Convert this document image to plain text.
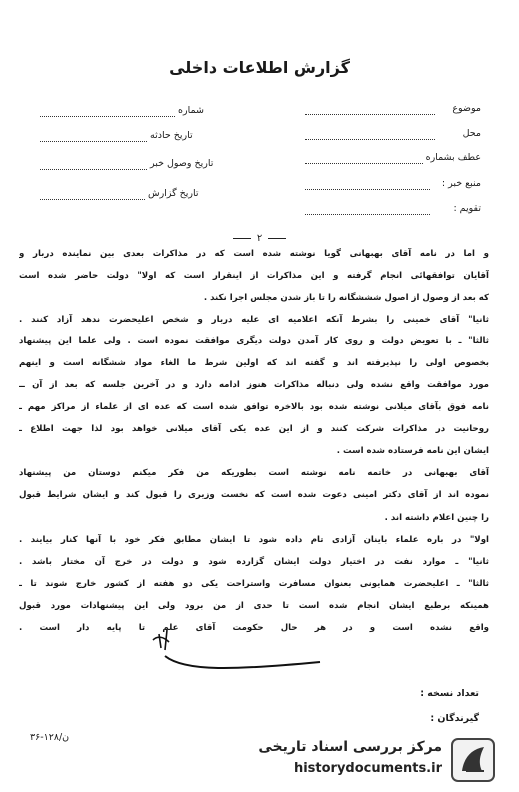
گزارش اطلاعات داخلی
شماره
تاریخ حادثه
تاریخ وصول خبر
تاریخ گزارش
موضوع
محل
عطف بشماره
منبع خبر :
تقویم :
۲
و اما در نامه آقای بهبهانی گویا نوشته شده است که در مذاکرات بعدی بین نماینده دربار و
آقایان توافقهائی انجام گرفته و این مذاکرات از اینقرار است که اولا" دولت حاضر شده است
که بعد از وصول از اصول شششگانه را تا باز شدن مجلس اجرا نکند .
ثانیا" آقای خمینی را بشرط آنکه اعلامیه ای علیه دربار و شخص اعلیحضرت ندهد آزاد کنند .
ثالثا" ـ با تعویض دولت و روی کار آمدن دولت دیگری موافقت نموده است . ولی علما این پیشنهاد
بخصوص اولی را نپذیرفته اند و گفته اند که اولین شرط ما الغاء مواد ششگانه است و اینهم
مورد موافقت واقع نشده ولی دنباله مذاکرات هنوز ادامه دارد و در آخرین جلسه که بعد از آن ــ
نامه فوق بآقای میلانی نوشته شده بود بالاخره توافق شده است که عده ای از علماء از مراکز مهم ـ
روحانیت در مذاکرات شرکت کنند و از این عده یکی آقای میلانی خواهد بود لذا جهت اطلاع ـ
ایشان این نامه فرستاده شده است .
آقای بهبهانی در خاتمه نامه نوشته است بطوریکه من فکر میکنم دوستان من پیشنهاد
نموده اند از آقای دکتر امینی دعوت شده است که نخست وزیری را قبول کند و ایشان شرایط قبول
را چنین اعلام داشته اند .
اولا" در باره علماء باینان آزادی تام داده شود تا ایشان مطابق فکر خود با آنها کنار بیایند .
ثانیا" ـ موارد نفت در اختیار دولت ایشان گزارده شود و دولت در خرج آن مختار باشد .
ثالثا" ـ اعلیحضرت همایونی بعنوان مسافرت واستراحت یکی دو هفته از کشور خارج شوند تا ـ
همینکه برطبع ایشان انجام شده است تا حدی از من برود ولی این پیشنهادات مورد قبول
واقع نشده است و در هر حال حکومت آقای علم تا پایه دار است .
تعداد نسخه :
گیرندگان :
۳۶-۱۲۸/ن
مرکز بررسی اسناد تاریخی
historydocuments.ir
